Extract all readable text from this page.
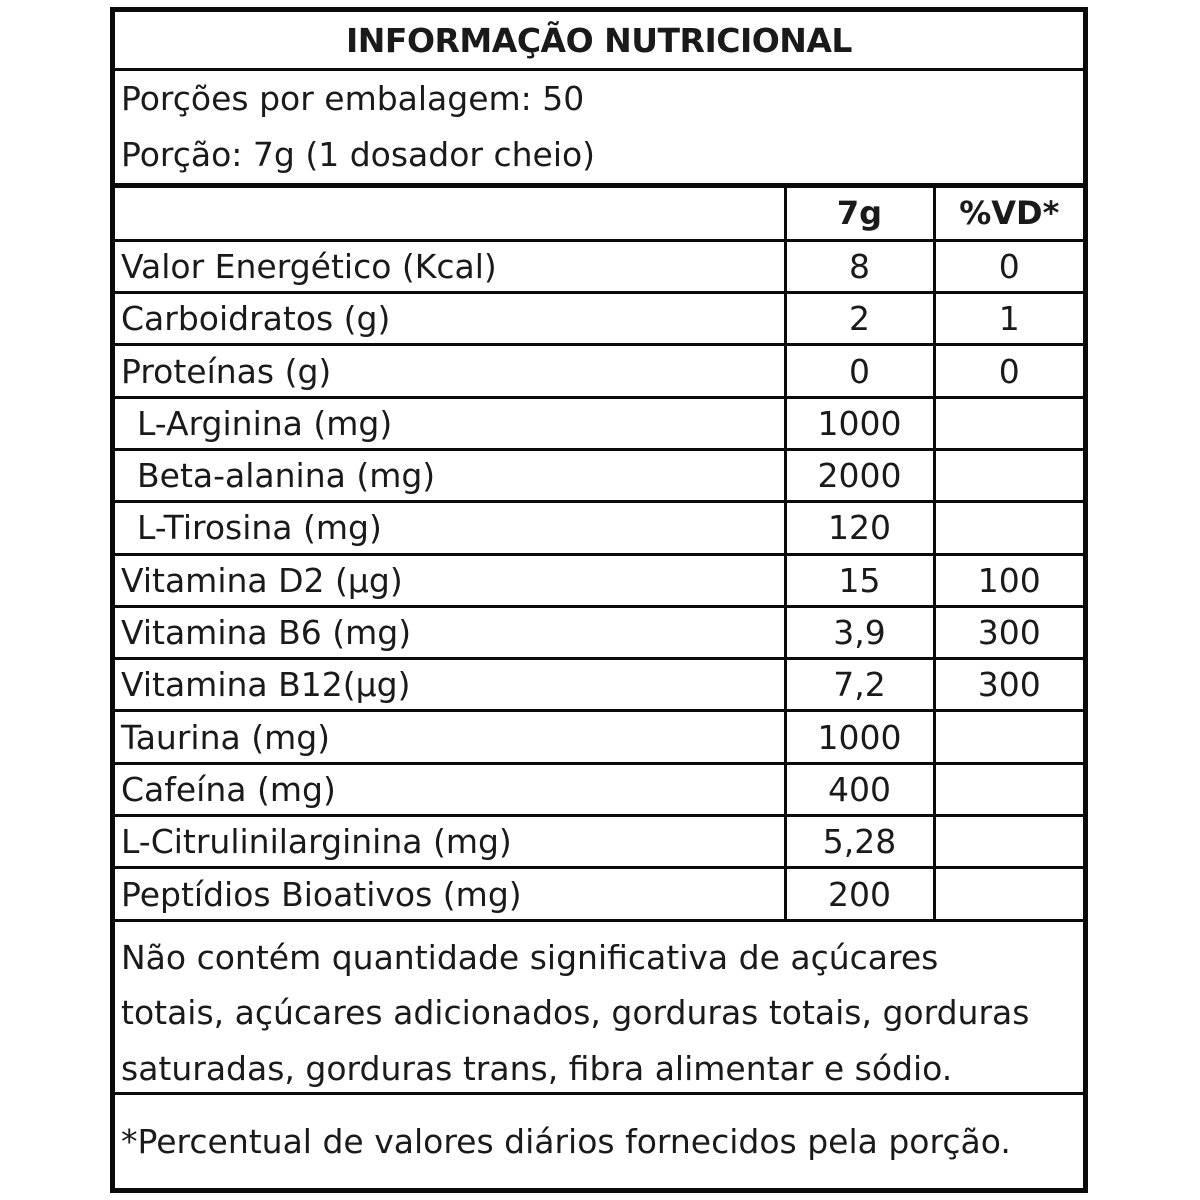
INFORMAÇÃO NUTRICIONAL
Porções por embalagem: 50
Porção: 7g (1 dosador cheio)
	7g	%VD*
Valor Energético (Kcal)	8	0
Carboidratos (g)	2	1
Proteínas (g)	0	0
L-Arginina (mg)	1000	
Beta-alanina (mg)	2000	
L-Tirosina (mg)	120	
Vitamina D2 (µg)	15	100
Vitamina B6 (mg)	3,9	300
Vitamina B12(µg)	7,2	300
Taurina (mg)	1000	
Cafeína (mg)	400	
L-Citrulinilarginina (mg)	5,28	
Peptídios Bioativos (mg)	200	
Não contém quantidade significativa de açúcares
totais, açúcares adicionados, gorduras totais, gorduras
saturadas, gorduras trans, fibra alimentar e sódio.
*Percentual de valores diários fornecidos pela porção.
